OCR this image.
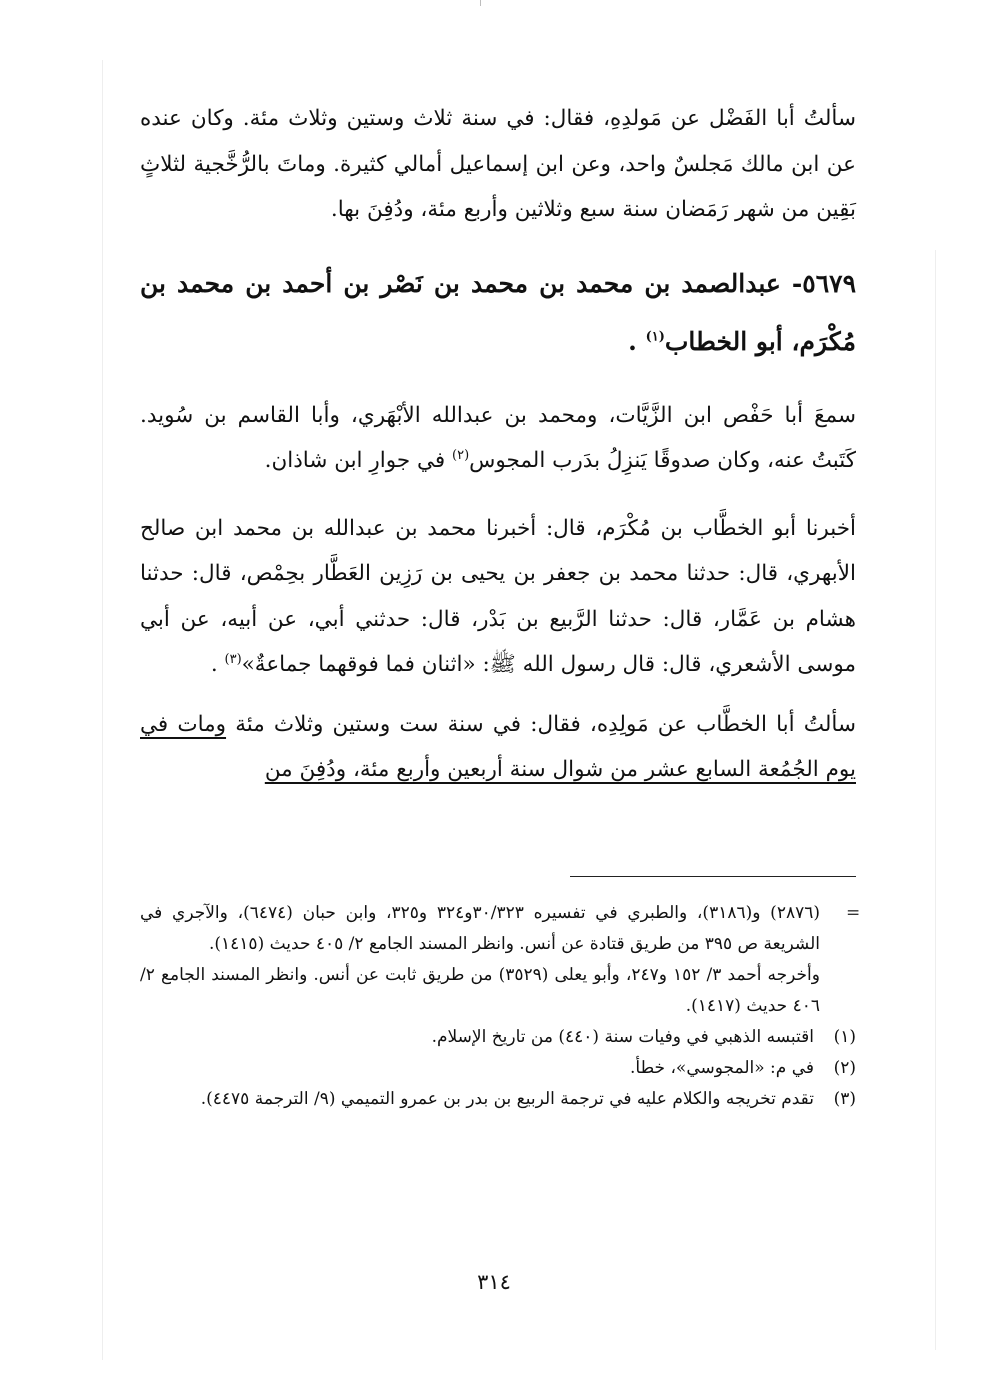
سألتُ أبا الفَضْل عن مَولدِهِ، فقال: في سنة ثلاث وستين وثلاث مئة. وكان عنده عن ابن مالك مَجلسٌ واحد، وعن ابن إسماعيل أمالي كثيرة. وماتَ بالرُّخَّجية لثلاثٍ بَقِين من شهر رَمَضان سنة سبع وثلاثين وأربع مئة، ودُفِنَ بها.

٥٦٧٩- عبدالصمد بن محمد بن محمد بن نَصْر بن أحمد بن محمد بن مُكْرَم، أبو الخطاب$^{(١)}$ .

سمعَ أبا حَفْص ابن الزَّيَّات، ومحمد بن عبدالله الأبْهَري، وأبا القاسم بن سُويد. كَتَبتُ عنه، وكان صدوقًا يَنزِلُ بدَرب المجوس$^{(٢)}$ في جوارِ ابن شاذان.

أخبرنا أبو الخطَّاب بن مُكْرَم، قال: أخبرنا محمد بن عبدالله بن محمد ابن صالح الأبهري، قال: حدثنا محمد بن جعفر بن يحيى بن رَزِين العَطَّار بحِمْص، قال: حدثنا هشام بن عَمَّار، قال: حدثنا الرَّبيع بن بَدْر، قال: حدثني أبي، عن أبيه، عن أبي موسى الأشعري، قال: قال رسول الله ﷺ: «اثنان فما فوقهما جماعةٌ»$^{(٣)}$ .

سألتُ أبا الخطَّاب عن مَولِدِه، فقال: في سنة ست وستين وثلاث مئة ومات في يوم الجُمُعة السابع عشر من شوال سنة أربعين وأربع مئة، ودُفِنَ من

=

(٢٨٧٦) و(٣١٨٦)، والطبري في تفسيره ٣٠/٣٢٣و٣٢٤ و٣٢٥، وابن حبان (٦٤٧٤)، والآجري في الشريعة ص ٣٩٥ من طريق قتادة عن أنس. وانظر المسند الجامع ٢/ ٤٠٥ حديث (١٤١٥).

وأخرجه أحمد ٣/ ١٥٢ و٢٤٧، وأبو يعلى (٣٥٢٩) من طريق ثابت عن أنس. وانظر المسند الجامع ٢/ ٤٠٦ حديث (١٤١٧).

(١)
اقتبسه الذهبي في وفيات سنة (٤٤٠) من تاريخ الإسلام.

(٢)
في م: «المجوسي»، خطأ.

(٣)
تقدم تخريجه والكلام عليه في ترجمة الربيع بن بدر بن عمرو التميمي (٩/ الترجمة ٤٤٧٥).

٣١٤
